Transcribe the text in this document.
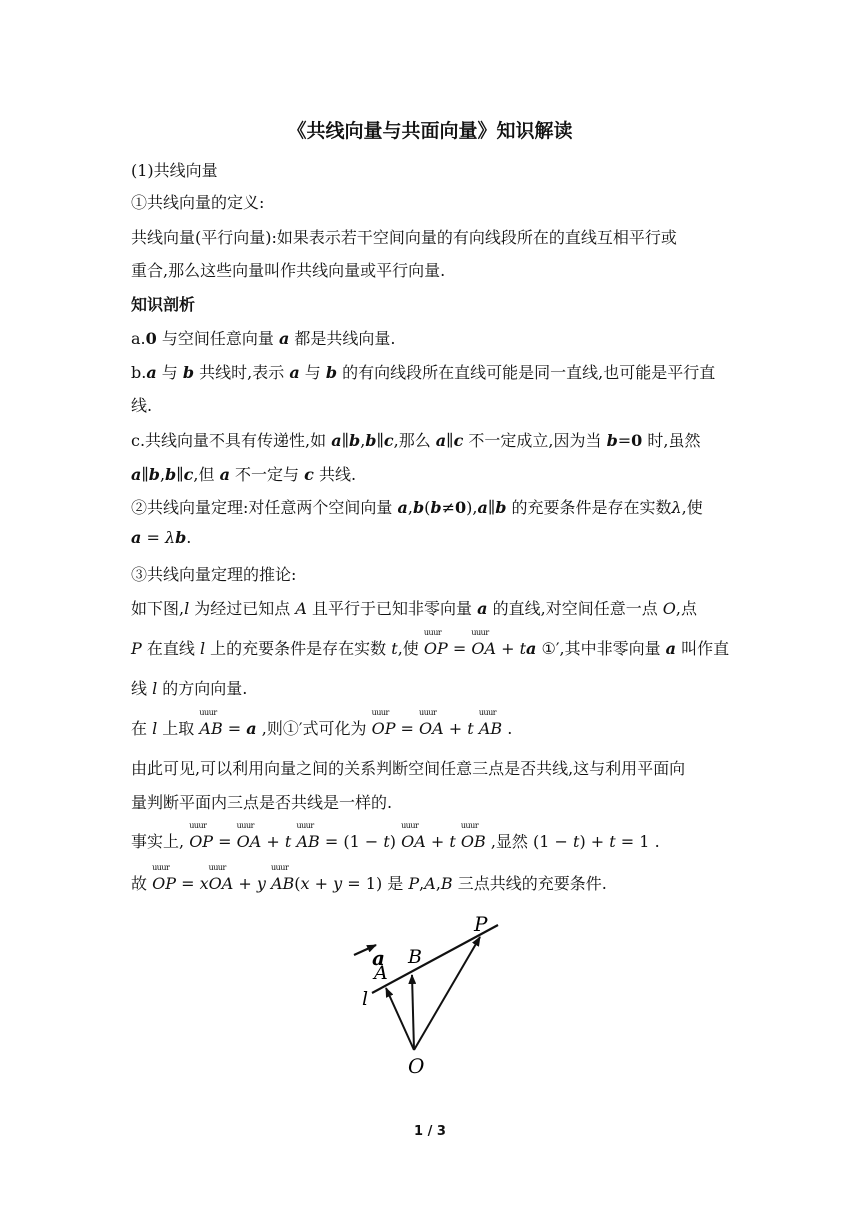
《共线向量与共面向量》知识解读
(1)共线向量
①共线向量的定义:
共线向量(平行向量):如果表示若干空间向量的有向线段所在的直线互相平行或
重合,那么这些向量叫作共线向量或平行向量.
知识剖析
a.0 与空间任意向量 a 都是共线向量.
b.a 与 b 共线时,表示 a 与 b 的有向线段所在直线可能是同一直线,也可能是平行直
线.
c.共线向量不具有传递性,如 a∥b,b∥c,那么 a∥c 不一定成立,因为当 b=0 时,虽然
a∥b,b∥c,但 a 不一定与 c 共线.
②共线向量定理:对任意两个空间向量 a,b(b≠0),a∥b 的充要条件是存在实数λ,使
a = λb.
③共线向量定理的推论:
如下图,l 为经过已知点 A 且平行于已知非零向量 a 的直线,对空间任意一点 O,点
P 在直线 l 上的充要条件是存在实数 t,使 uuur OP = uuur OA + ta ①′,其中非零向量 a 叫作直
线 l 的方向向量.
在 l 上取 uuur AB = a ,则①′式可化为 uuur OP = uuur OA + t uuur AB .
由此可见,可以利用向量之间的关系判断空间任意三点是否共线,这与利用平面向
量判断平面内三点是否共线是一样的.
事实上, uuur OP = uuur OA + t uuur AB = (1 − t) uuur OA + t uuur OB ,显然 (1 − t) + t = 1 .
故 uuur OP = xuuur OA + y uuur AB(x + y = 1) 是 P,A,B 三点共线的充要条件.
a
A
B
l
P
O
1 / 3
